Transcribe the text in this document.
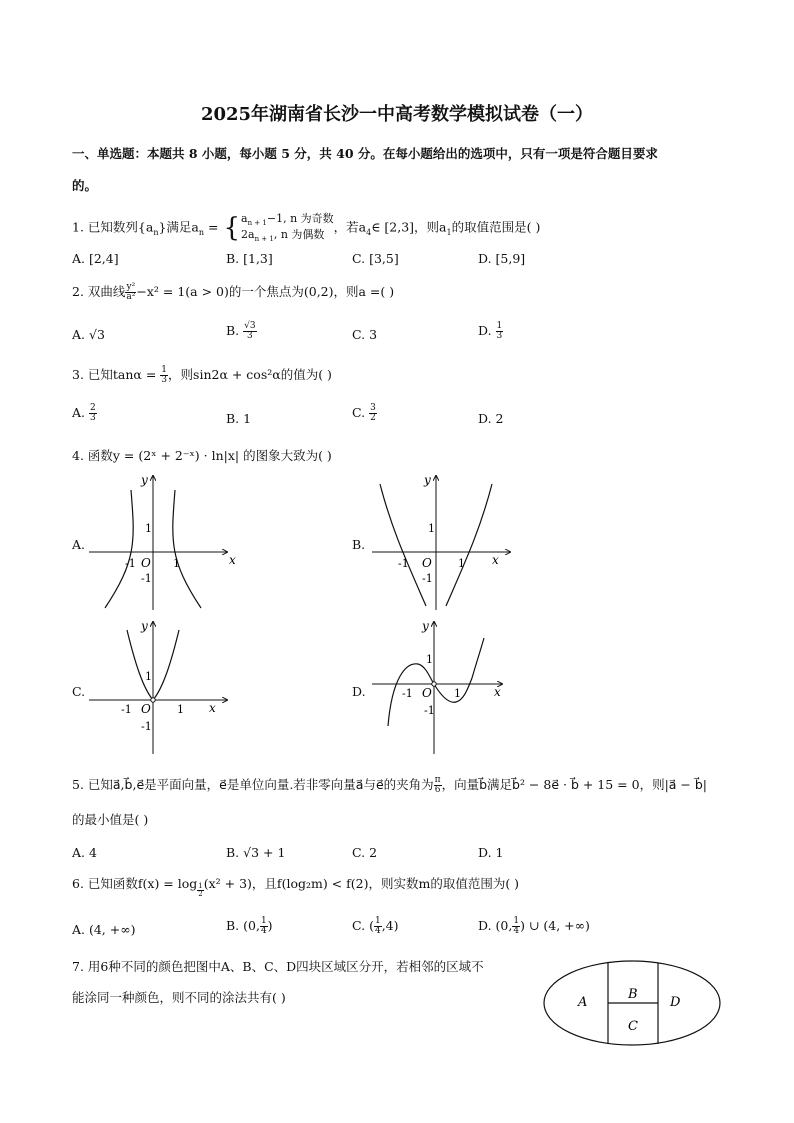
2025年湖南省长沙一中高考数学模拟试卷（一）
一、单选题：本题共 8 小题，每小题 5 分，共 40 分。在每小题给出的选项中，只有一项是符合题目要求
的。
1. 已知数列$\{a_n\}$满足$a_n$ = { $a_{n + 1}-1$, n 为奇数
$2a_{n + 1}$, n 为偶数 ，若$a_4\in$ [2,3]，则$a_1$的取值范围是( )
A. [2,4]	B. [1,3]	C. [3,5]	D. [5,9]
2. 双曲线 $\frac{\text{y²}}{\text{a²}} -x^2 = 1(a > 0)$的一个焦点为(0,2)，则a =( )
A. √3	B. $\frac{√3}{3}$	C. 3	D. $\frac{1}{3}$
3. 已知$\tan\alpha = \frac{1}{3}$ ，则sin2α + cos²α的值为( )
A. $\frac{2}{3}$	B. 1	C. $\frac{3}{2}$	D. 2
4. 函数y = (2ˣ + 2⁻ˣ) · ln|x| 的图象大致为( )
A.	B.
C.	D.
x
y
O
1
-1
-1	1	x
y
O
1
-1
-1	1
x
y
O
1
-1
-1	1
x
y
O
1
-1
-1	1
5. 已知a⃗,b⃗,e⃗是平面向量，e⃗是单位向量.若非零向量a⃗与e⃗的夹角为 $\frac{\pi}{6}$ ，向量b⃗满足b⃗² − 8e⃗ · b⃗ + 15 = 0，则|a⃗ − b⃗|
的最小值是( )
A. 4	B. √3 + 1	C. 2	D. 1
6. 已知函数$f(x) = \log \frac{1}{2} (x^2 + 3)$，且f(log₂m) < f(2)，则实数m的取值范围为( )
A. (4, +∞)	B. (0, $\frac{1}{4}$ )	C. ( $\frac{1}{4} ,4$)	D. (0, $\frac{1}{4}$ ) ∪ (4, +∞)
7. 用6种不同的颜色把图中A、B、C、D四块区域区分开，若相邻的区域不
能涂同一种颜色，则不同的涂法共有( )	A
B
C
D
